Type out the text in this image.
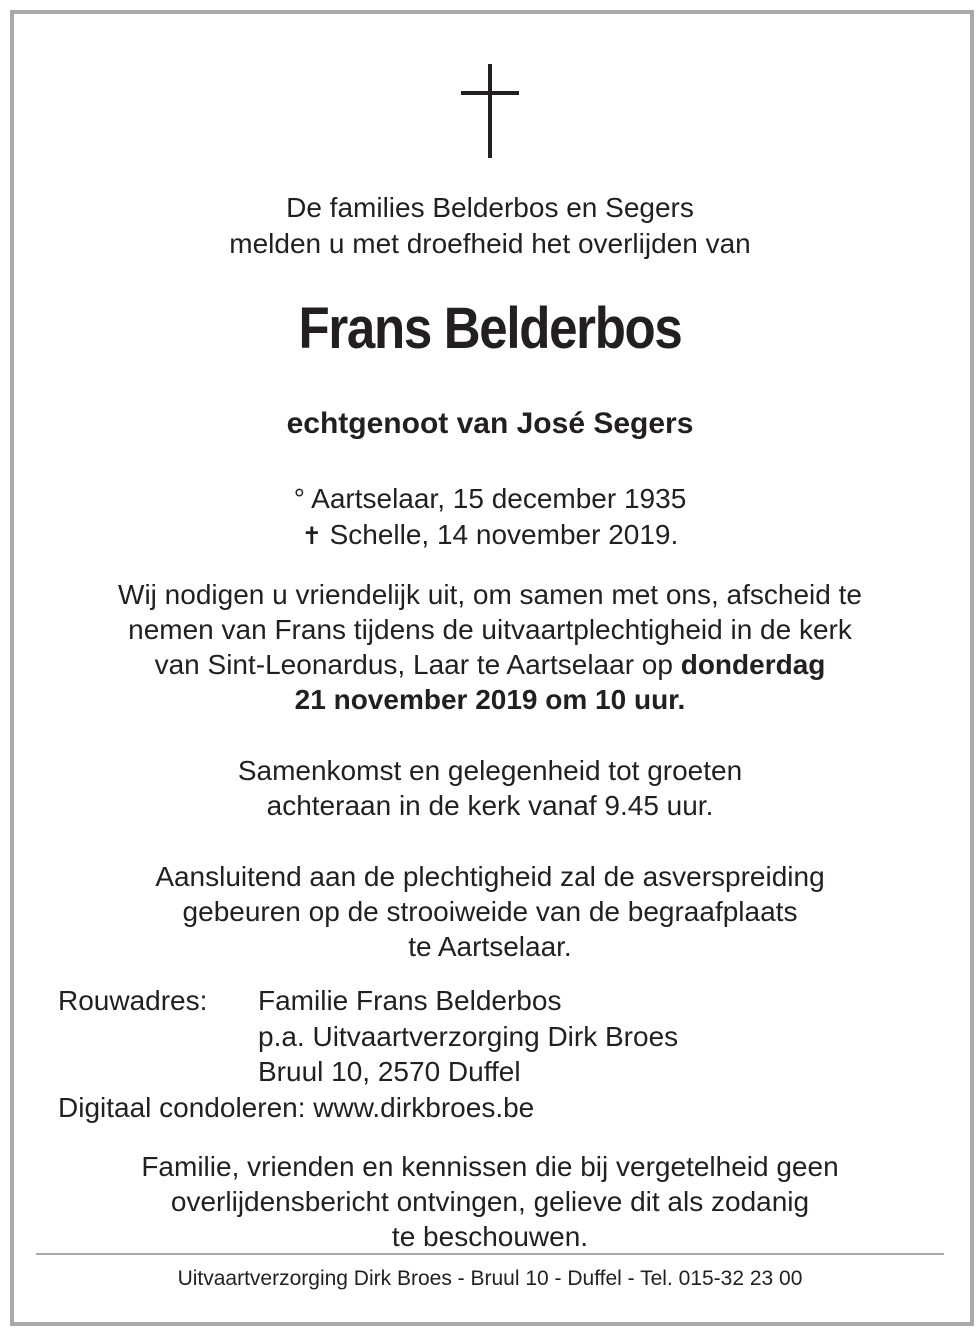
De families Belderbos en Segers
melden u met droefheid het overlijden van
Frans Belderbos
echtgenoot van José Segers
° Aartselaar, 15 december 1935
✝ Schelle, 14 november 2019.
Wij nodigen u vriendelijk uit, om samen met ons, afscheid te
nemen van Frans tijdens de uitvaartplechtigheid in de kerk
van Sint-Leonardus, Laar te Aartselaar op donderdag
21 november 2019 om 10 uur.
Samenkomst en gelegenheid tot groeten
achteraan in de kerk vanaf 9.45 uur.
Aansluitend aan de plechtigheid zal de asverspreiding
gebeuren op de strooiweide van de begraafplaats
te Aartselaar.
Rouwadres: Familie Frans Belderbos
p.a. Uitvaartverzorging Dirk Broes
Bruul 10, 2570 Duffel
Digitaal condoleren: www.dirkbroes.be
Familie, vrienden en kennissen die bij vergetelheid geen
overlijdensbericht ontvingen, gelieve dit als zodanig
te beschouwen.
Uitvaartverzorging Dirk Broes - Bruul 10 - Duffel - Tel. 015-32 23 00
